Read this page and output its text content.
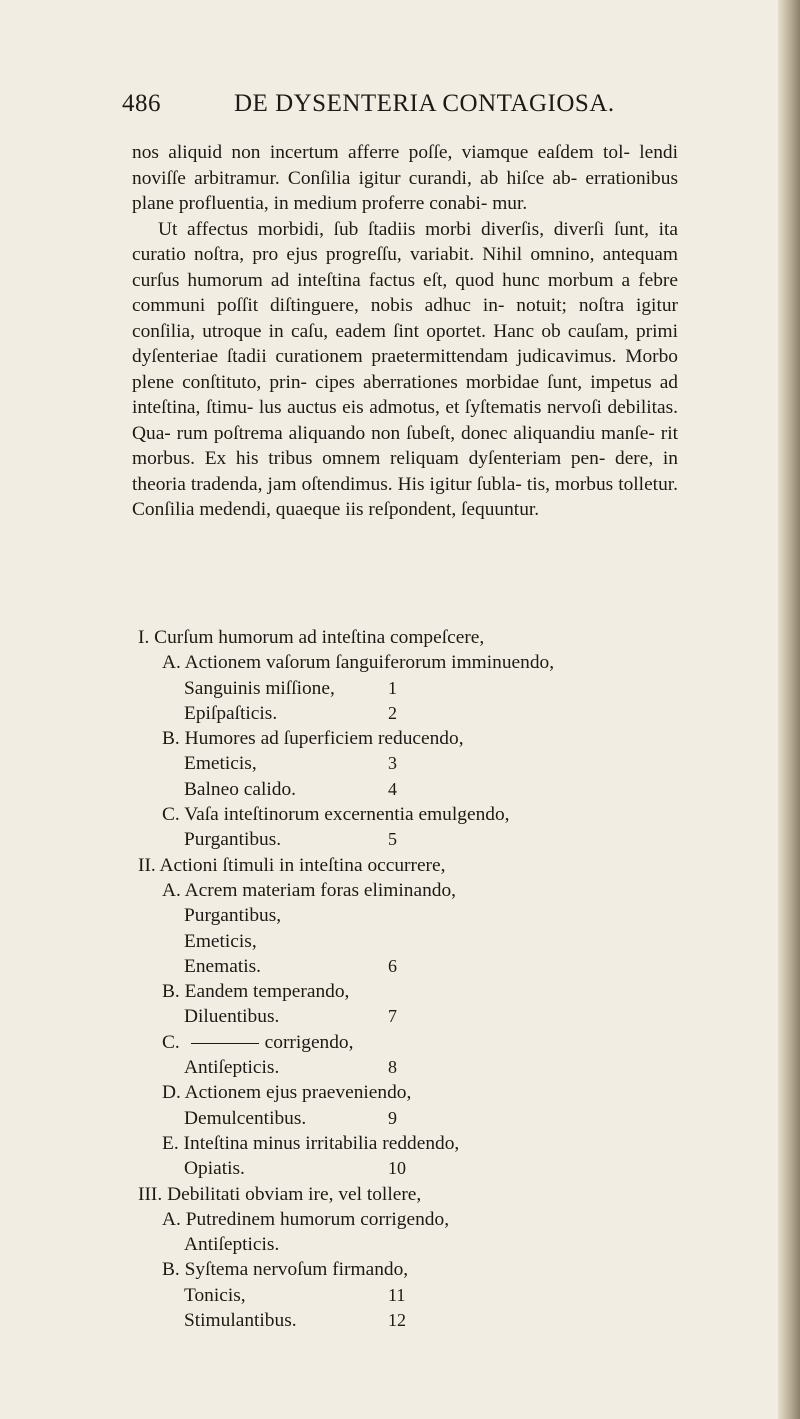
486	DE DYSENTERIA CONTAGIOSA.

nos aliquid non incertum afferre poſſe, viamque eaſdem tol- lendi noviſſe arbitramur. Conſilia igitur curandi, ab hiſce ab- errationibus plane profluentia, in medium proferre conabi- mur.

Ut affectus morbidi, ſub ſtadiis morbi diverſis, diverſi ſunt, ita curatio noſtra, pro ejus progreſſu, variabit. Nihil omnino, antequam curſus humorum ad inteſtina factus eſt, quod hunc morbum a febre communi poſſit diſtinguere, nobis adhuc in- notuit; noſtra igitur conſilia, utroque in caſu, eadem ſint oportet. Hanc ob cauſam, primi dyſenteriae ſtadii curationem praetermittendam judicavimus. Morbo plene conſtituto, prin- cipes aberrationes morbidae ſunt, impetus ad inteſtina, ſtimu- lus auctus eis admotus, et ſyſtematis nervoſi debilitas. Qua- rum poſtrema aliquando non ſubeſt, donec aliquandiu manſe- rit morbus. Ex his tribus omnem reliquam dyſenteriam pen- dere, in theoria tradenda, jam oſtendimus. His igitur ſubla- tis, morbus tolletur. Conſilia medendi, quaeque iis reſpondent, ſequuntur.

I. Curſum humorum ad inteſtina compeſcere,
A. Actionem vaſorum ſanguiferorum imminuendo,
Sanguinis miſſione,	1
Epiſpaſticis.	2
B. Humores ad ſuperficiem reducendo,
Emeticis,	3
Balneo calido.	4
C. Vaſa inteſtinorum excernentia emulgendo,
Purgantibus.	5
II. Actioni ſtimuli in inteſtina occurrere,
A. Acrem materiam foras eliminando,
Purgantibus,
Emeticis,
Enematis.	6
B. Eandem temperando,
Diluentibus.	7
C.	corrigendo,
Antiſepticis.	8
D. Actionem ejus praeveniendo,
Demulcentibus.	9
E. Inteſtina minus irritabilia reddendo,
Opiatis.	10
III. Debilitati obviam ire, vel tollere,
A. Putredinem humorum corrigendo,
Antiſepticis.
B. Syſtema nervoſum firmando,
Tonicis,	11
Stimulantibus.	12
